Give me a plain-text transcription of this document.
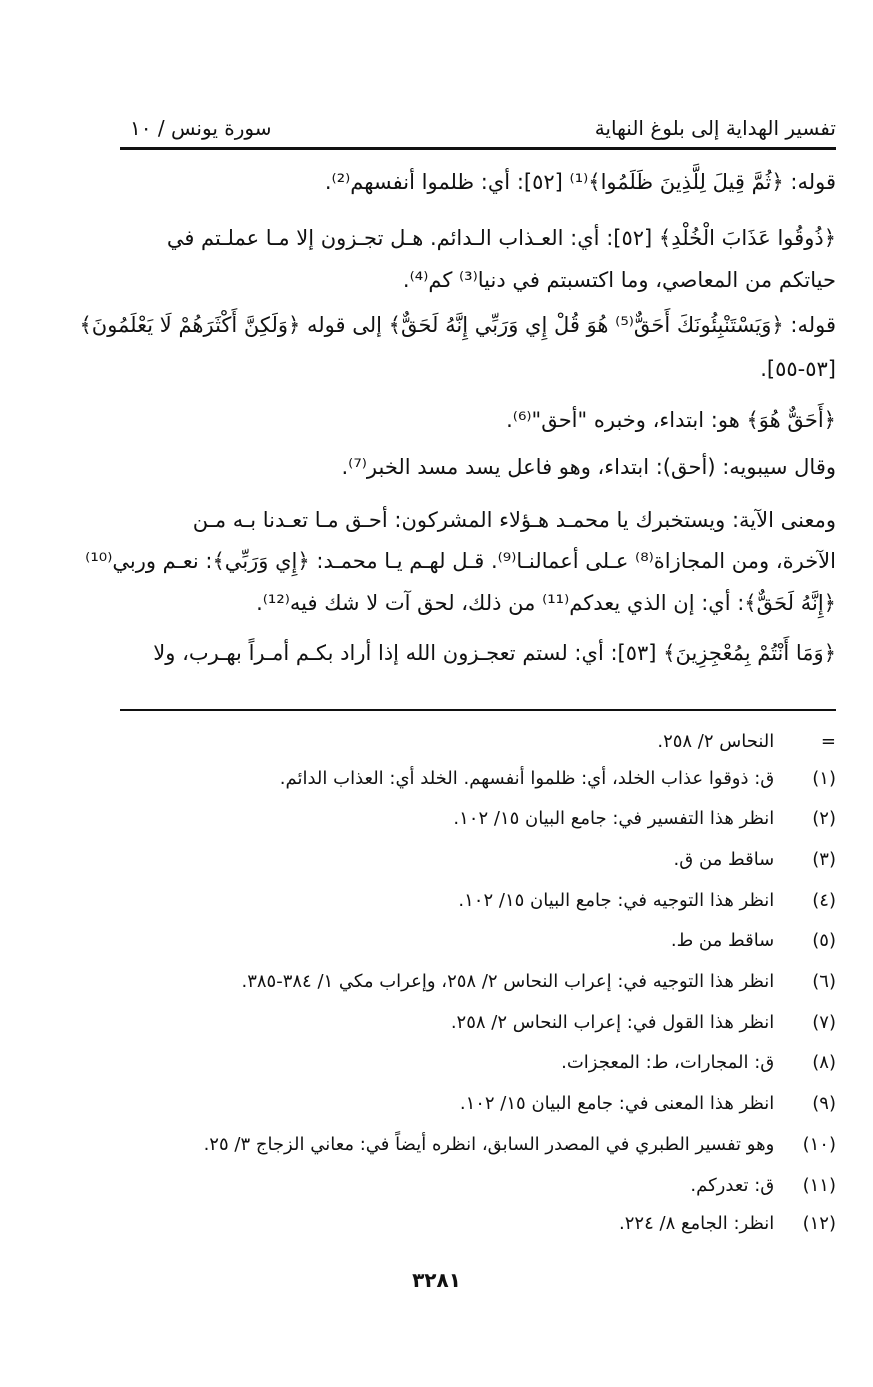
تفسير الهداية إلى بلوغ النهاية
سورة يونس / ١٠
قوله: ﴿ثُمَّ قِيلَ لِلَّذِينَ ظَلَمُوا﴾⁽¹⁾ [٥٢]: أي: ظلموا أنفسهم⁽²⁾.
﴿ذُوقُوا عَذَابَ الْخُلْدِ﴾ [٥٢]: أي: العـذاب الـدائم. هـل تجـزون إلا مـا عملـتم في
حياتكم من المعاصي، وما اكتسبتم في دنيا⁽³⁾ كم⁽⁴⁾.
قوله: ﴿وَيَسْتَنْبِئُونَكَ أَحَقٌّ⁽⁵⁾ هُوَ قُلْ إِي وَرَبِّي إِنَّهُ لَحَقٌّ﴾ إلى قوله ﴿وَلَكِنَّ أَكْثَرَهُمْ لَا يَعْلَمُونَ﴾
[٥٣-٥٥].
﴿أَحَقٌّ هُوَ﴾ هو: ابتداء، وخبره "أحق"⁽⁶⁾.
وقال سيبويه: (أحق): ابتداء، وهو فاعل يسد مسد الخبر⁽⁷⁾.
ومعنى الآية: ويستخبرك يا محمـد هـؤلاء المشركون: أحـق مـا تعـدنا بـه مـن
الآخرة، ومن المجازاة⁽⁸⁾ عـلى أعمالنـا⁽⁹⁾. قـل لهـم يـا محمـد: ﴿إِي وَرَبِّي﴾: نعـم وربي⁽¹⁰⁾
﴿إِنَّهُ لَحَقٌّ﴾: أي: إن الذي يعدكم⁽¹¹⁾ من ذلك، لحق آت لا شك فيه⁽¹²⁾.
﴿وَمَا أَنْتُمْ بِمُعْجِزِينَ﴾ [٥٣]: أي: لستم تعجـزون الله إذا أراد بكـم أمـراً بهـرب، ولا
= النحاس ٢/ ٢٥٨.
(١) ق: ذوقوا عذاب الخلد، أي: ظلموا أنفسهم. الخلد أي: العذاب الدائم.
(٢) انظر هذا التفسير في: جامع البيان ١٥/ ١٠٢.
(٣) ساقط من ق.
(٤) انظر هذا التوجيه في: جامع البيان ١٥/ ١٠٢.
(٥) ساقط من ط.
(٦) انظر هذا التوجيه في: إعراب النحاس ٢/ ٢٥٨، وإعراب مكي ١/ ٣٨٤-٣٨٥.
(٧) انظر هذا القول في: إعراب النحاس ٢/ ٢٥٨.
(٨) ق: المجارات، ط: المعجزات.
(٩) انظر هذا المعنى في: جامع البيان ١٥/ ١٠٢.
(١٠) وهو تفسير الطبري في المصدر السابق، انظره أيضاً في: معاني الزجاج ٣/ ٢٥.
(١١) ق: تعدركم.
(١٢) انظر: الجامع ٨/ ٢٢٤.
٣٢٨١
